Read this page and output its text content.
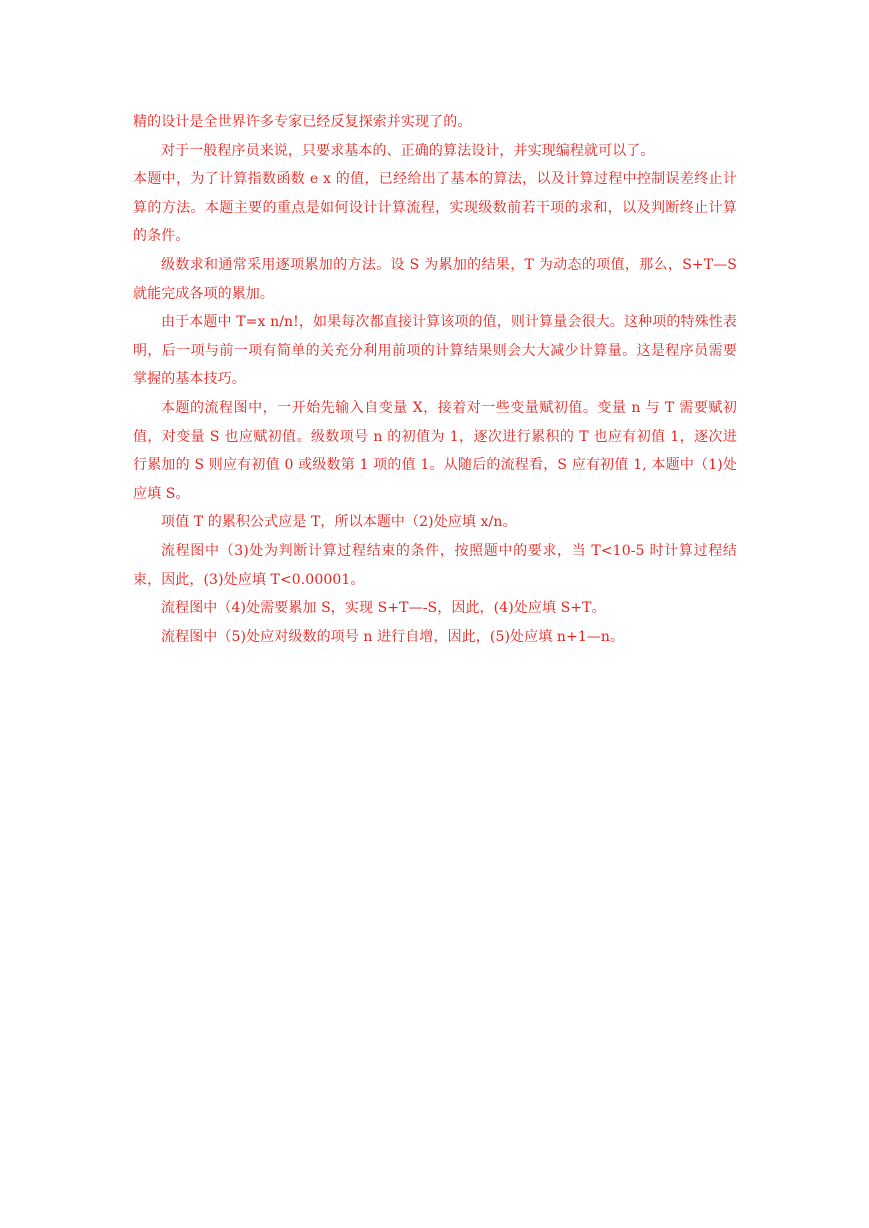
精的设计是全世界许多专家已经反复探索并实现了的。

对于一般程序员来说，只要求基本的、正确的算法设计，并实现编程就可以了。

本题中，为了计算指数函数 e x 的值，已经给出了基本的算法，以及计算过程中控制误差终止计算的方法。本题主要的重点是如何设计计算流程，实现级数前若干项的求和，以及判断终止计算的条件。

级数求和通常采用逐项累加的方法。设 S 为累加的结果，T 为动态的项值，那么，S+T—S 就能完成各项的累加。

由于本题中 T=x n/n!，如果每次都直接计算该项的值，则计算量会很大。这种项的特殊性表明，后一项与前一项有简单的关充分利用前项的计算结果则会大大减少计算量。这是程序员需要掌握的基本技巧。

本题的流程图中，一开始先输入自变量 X，接着对一些变量赋初值。变量 n 与 T 需要赋初值，对变量 S 也应赋初值。级数项号 n 的初值为 1，逐次进行累积的 T 也应有初值 1，逐次进行累加的 S 则应有初值 0 或级数第 1 项的值 1。从随后的流程看，S 应有初值 1, 本题中（1)处应填 S。

项值 T 的累积公式应是 T，所以本题中（2)处应填 x/n。

流程图中（3)处为判断计算过程结束的条件，按照题中的要求，当 T<10-5 时计算过程结束，因此，(3)处应填 T<0.00001。

流程图中（4)处需要累加 S，实现 S+T—-S，因此，(4)处应填 S+T。

流程图中（5)处应对级数的项号 n 进行自增，因此，(5)处应填 n+1—n。
